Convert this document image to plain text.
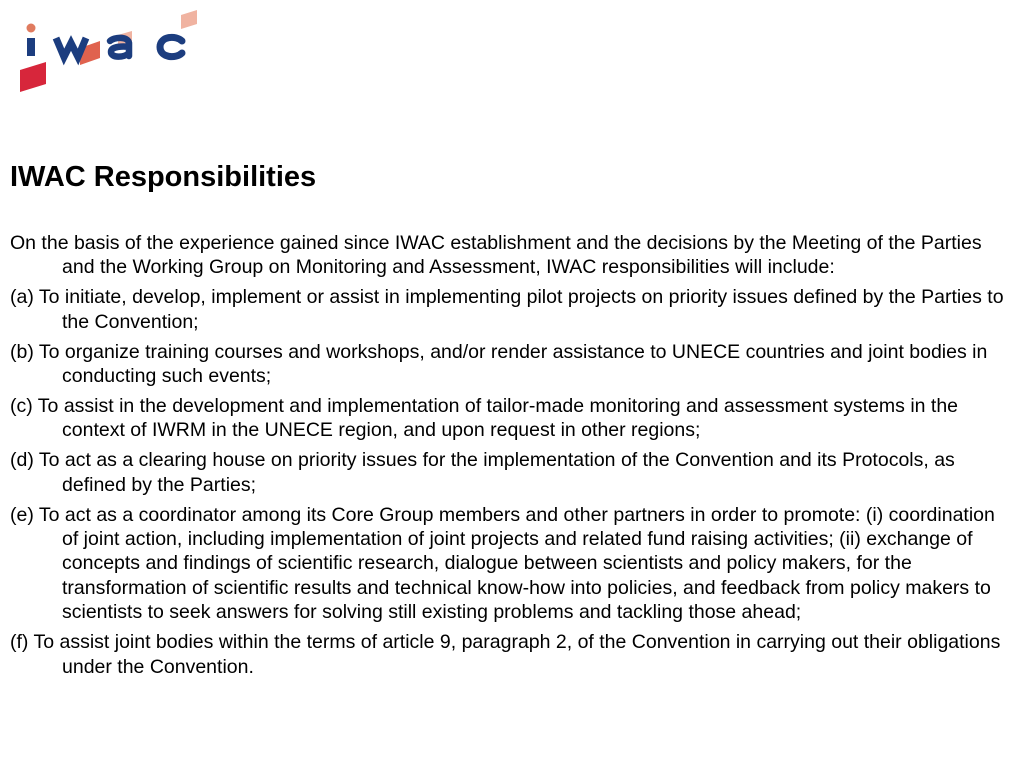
IWAC Responsibilities

On the basis of the experience gained since IWAC establishment and the decisions by the Meeting of the Parties and the Working Group on Monitoring and Assessment, IWAC responsibilities will include:

(a) To initiate, develop, implement or assist in implementing pilot projects on priority issues defined by the Parties to the Convention;

(b) To organize training courses and workshops, and/or render assistance to UNECE countries and joint bodies in conducting such events;

(c) To assist in the development and implementation of tailor-made monitoring and assessment systems in the context of IWRM in the UNECE region, and upon request in other regions;

(d) To act as a clearing house on priority issues for the implementation of the Convention and its Protocols, as defined by the Parties;

(e) To act as a coordinator among its Core Group members and other partners in order to promote: (i) coordination of joint action, including implementation of joint projects and related fund raising activities; (ii) exchange of concepts and findings of scientific research, dialogue between scientists and policy makers, for the transformation of scientific results and technical know-how into policies, and feedback from policy makers to scientists to seek answers for solving still existing problems and tackling those ahead;

(f) To assist joint bodies within the terms of article 9, paragraph 2, of the Convention in carrying out their obligations under the Convention.
